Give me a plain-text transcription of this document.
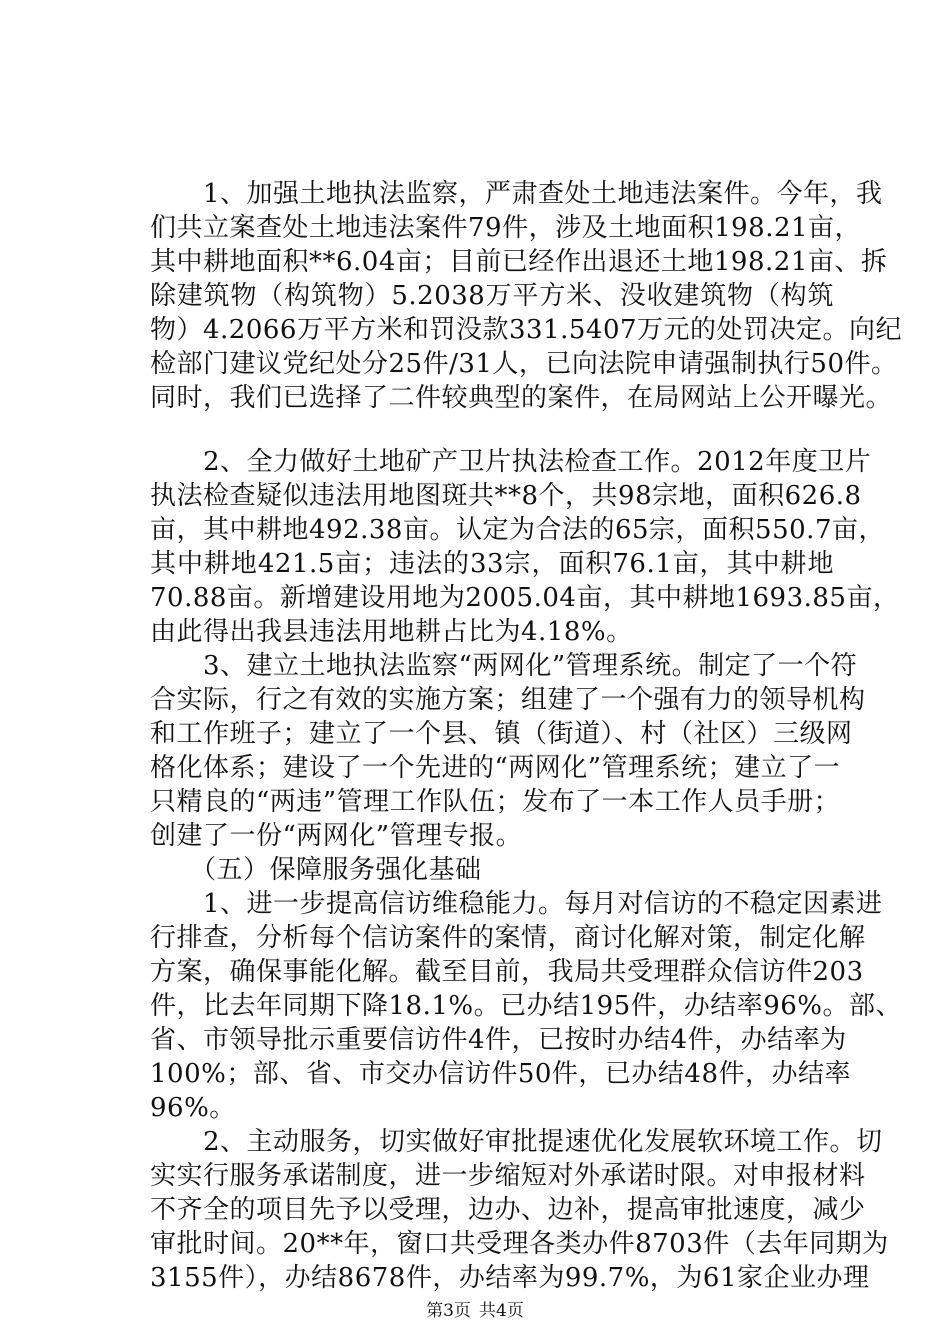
　　1、加强土地执法监察，严肃查处土地违法案件。今年，我
们共立案查处土地违法案件79件，涉及土地面积198.21亩，
其中耕地面积**6.04亩；目前已经作出退还土地198.21亩、拆
除建筑物（构筑物）5.2038万平方米、没收建筑物（构筑
物）4.2066万平方米和罚没款331.5407万元的处罚决定。向纪
检部门建议党纪处分25件/31人，已向法院申请强制执行50件。
同时，我们已选择了二件较典型的案件，在局网站上公开曝光。
　　2、全力做好土地矿产卫片执法检查工作。2012年度卫片
执法检查疑似违法用地图斑共**8个，共98宗地，面积626.8
亩，其中耕地492.38亩。认定为合法的65宗，面积550.7亩，
其中耕地421.5亩；违法的33宗，面积76.1亩，其中耕地
70.88亩。新增建设用地为2005.04亩，其中耕地1693.85亩，
由此得出我县违法用地耕占比为4.18%。
　　3、建立土地执法监察“两网化”管理系统。制定了一个符
合实际，行之有效的实施方案；组建了一个强有力的领导机构
和工作班子；建立了一个县、镇（街道）、村（社区）三级网
格化体系；建设了一个先进的“两网化”管理系统；建立了一
只精良的“两违”管理工作队伍；发布了一本工作人员手册；
创建了一份“两网化”管理专报。
　　（五）保障服务强化基础
　　1、进一步提高信访维稳能力。每月对信访的不稳定因素进
行排查，分析每个信访案件的案情，商讨化解对策，制定化解
方案，确保事能化解。截至目前，我局共受理群众信访件203
件，比去年同期下降18.1%。已办结195件，办结率96%。部、
省、市领导批示重要信访件4件，已按时办结4件，办结率为
100%；部、省、市交办信访件50件，已办结48件，办结率
96%。
　　2、主动服务，切实做好审批提速优化发展软环境工作。切
实实行服务承诺制度，进一步缩短对外承诺时限。对申报材料
不齐全的项目先予以受理，边办、边补，提高审批速度，减少
审批时间。20**年，窗口共受理各类办件8703件（去年同期为
3155件），办结8678件，办结率为99.7%，为61家企业办理
第3页 共4页
